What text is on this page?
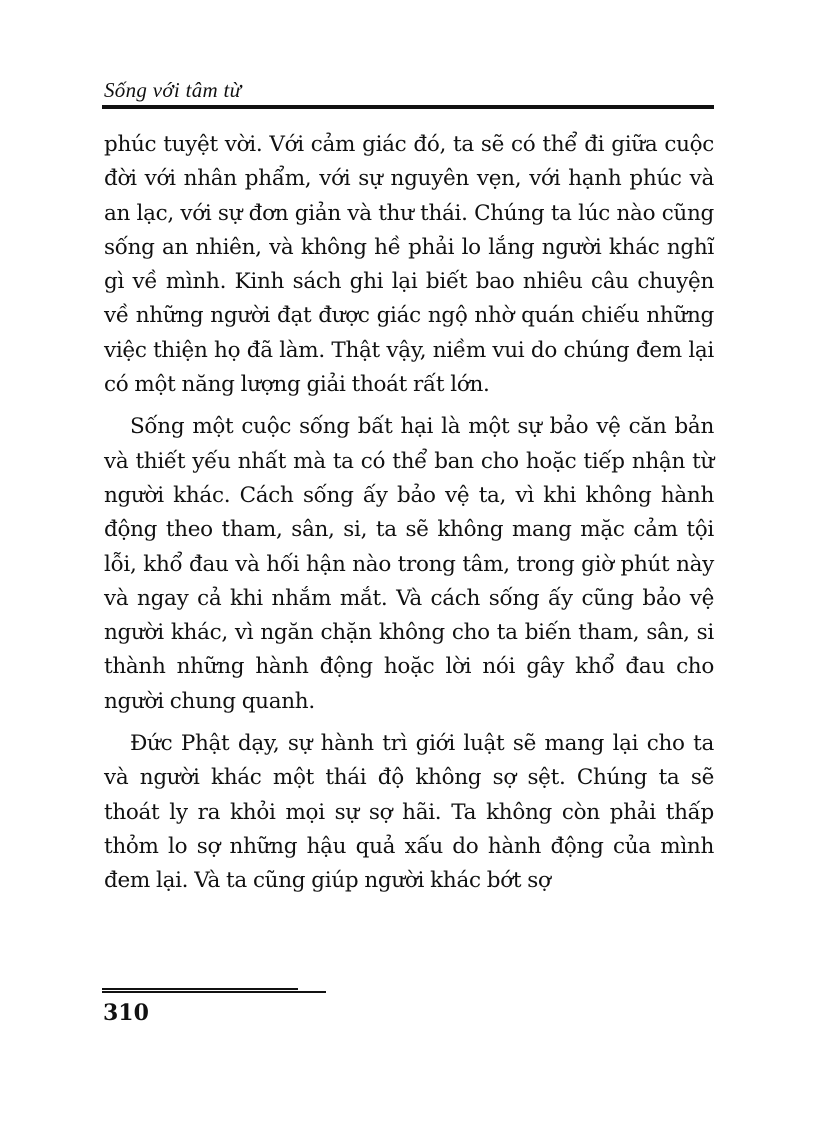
Sống với tâm từ

phúc tuyệt vời. Với cảm giác đó, ta sẽ có thể đi giữa cuộc đời với nhân phẩm, với sự nguyên vẹn, với hạnh phúc và an lạc, với sự đơn giản và thư thái. Chúng ta lúc nào cũng sống an nhiên, và không hề phải lo lắng người khác nghĩ gì về mình. Kinh sách ghi lại biết bao nhiêu câu chuyện về những người đạt được giác ngộ nhờ quán chiếu những việc thiện họ đã làm. Thật vậy, niềm vui do chúng đem lại có một năng lượng giải thoát rất lớn.

Sống một cuộc sống bất hại là một sự bảo vệ căn bản và thiết yếu nhất mà ta có thể ban cho hoặc tiếp nhận từ người khác. Cách sống ấy bảo vệ ta, vì khi không hành động theo tham, sân, si, ta sẽ không mang mặc cảm tội lỗi, khổ đau và hối hận nào trong tâm, trong giờ phút này và ngay cả khi nhắm mắt. Và cách sống ấy cũng bảo vệ người khác, vì ngăn chặn không cho ta biến tham, sân, si thành những hành động hoặc lời nói gây khổ đau cho người chung quanh.

Đức Phật dạy, sự hành trì giới luật sẽ mang lại cho ta và người khác một thái độ không sợ sệt. Chúng ta sẽ thoát ly ra khỏi mọi sự sợ hãi. Ta không còn phải thấp thỏm lo sợ những hậu quả xấu do hành động của mình đem lại. Và ta cũng giúp người khác bớt sợ

310
